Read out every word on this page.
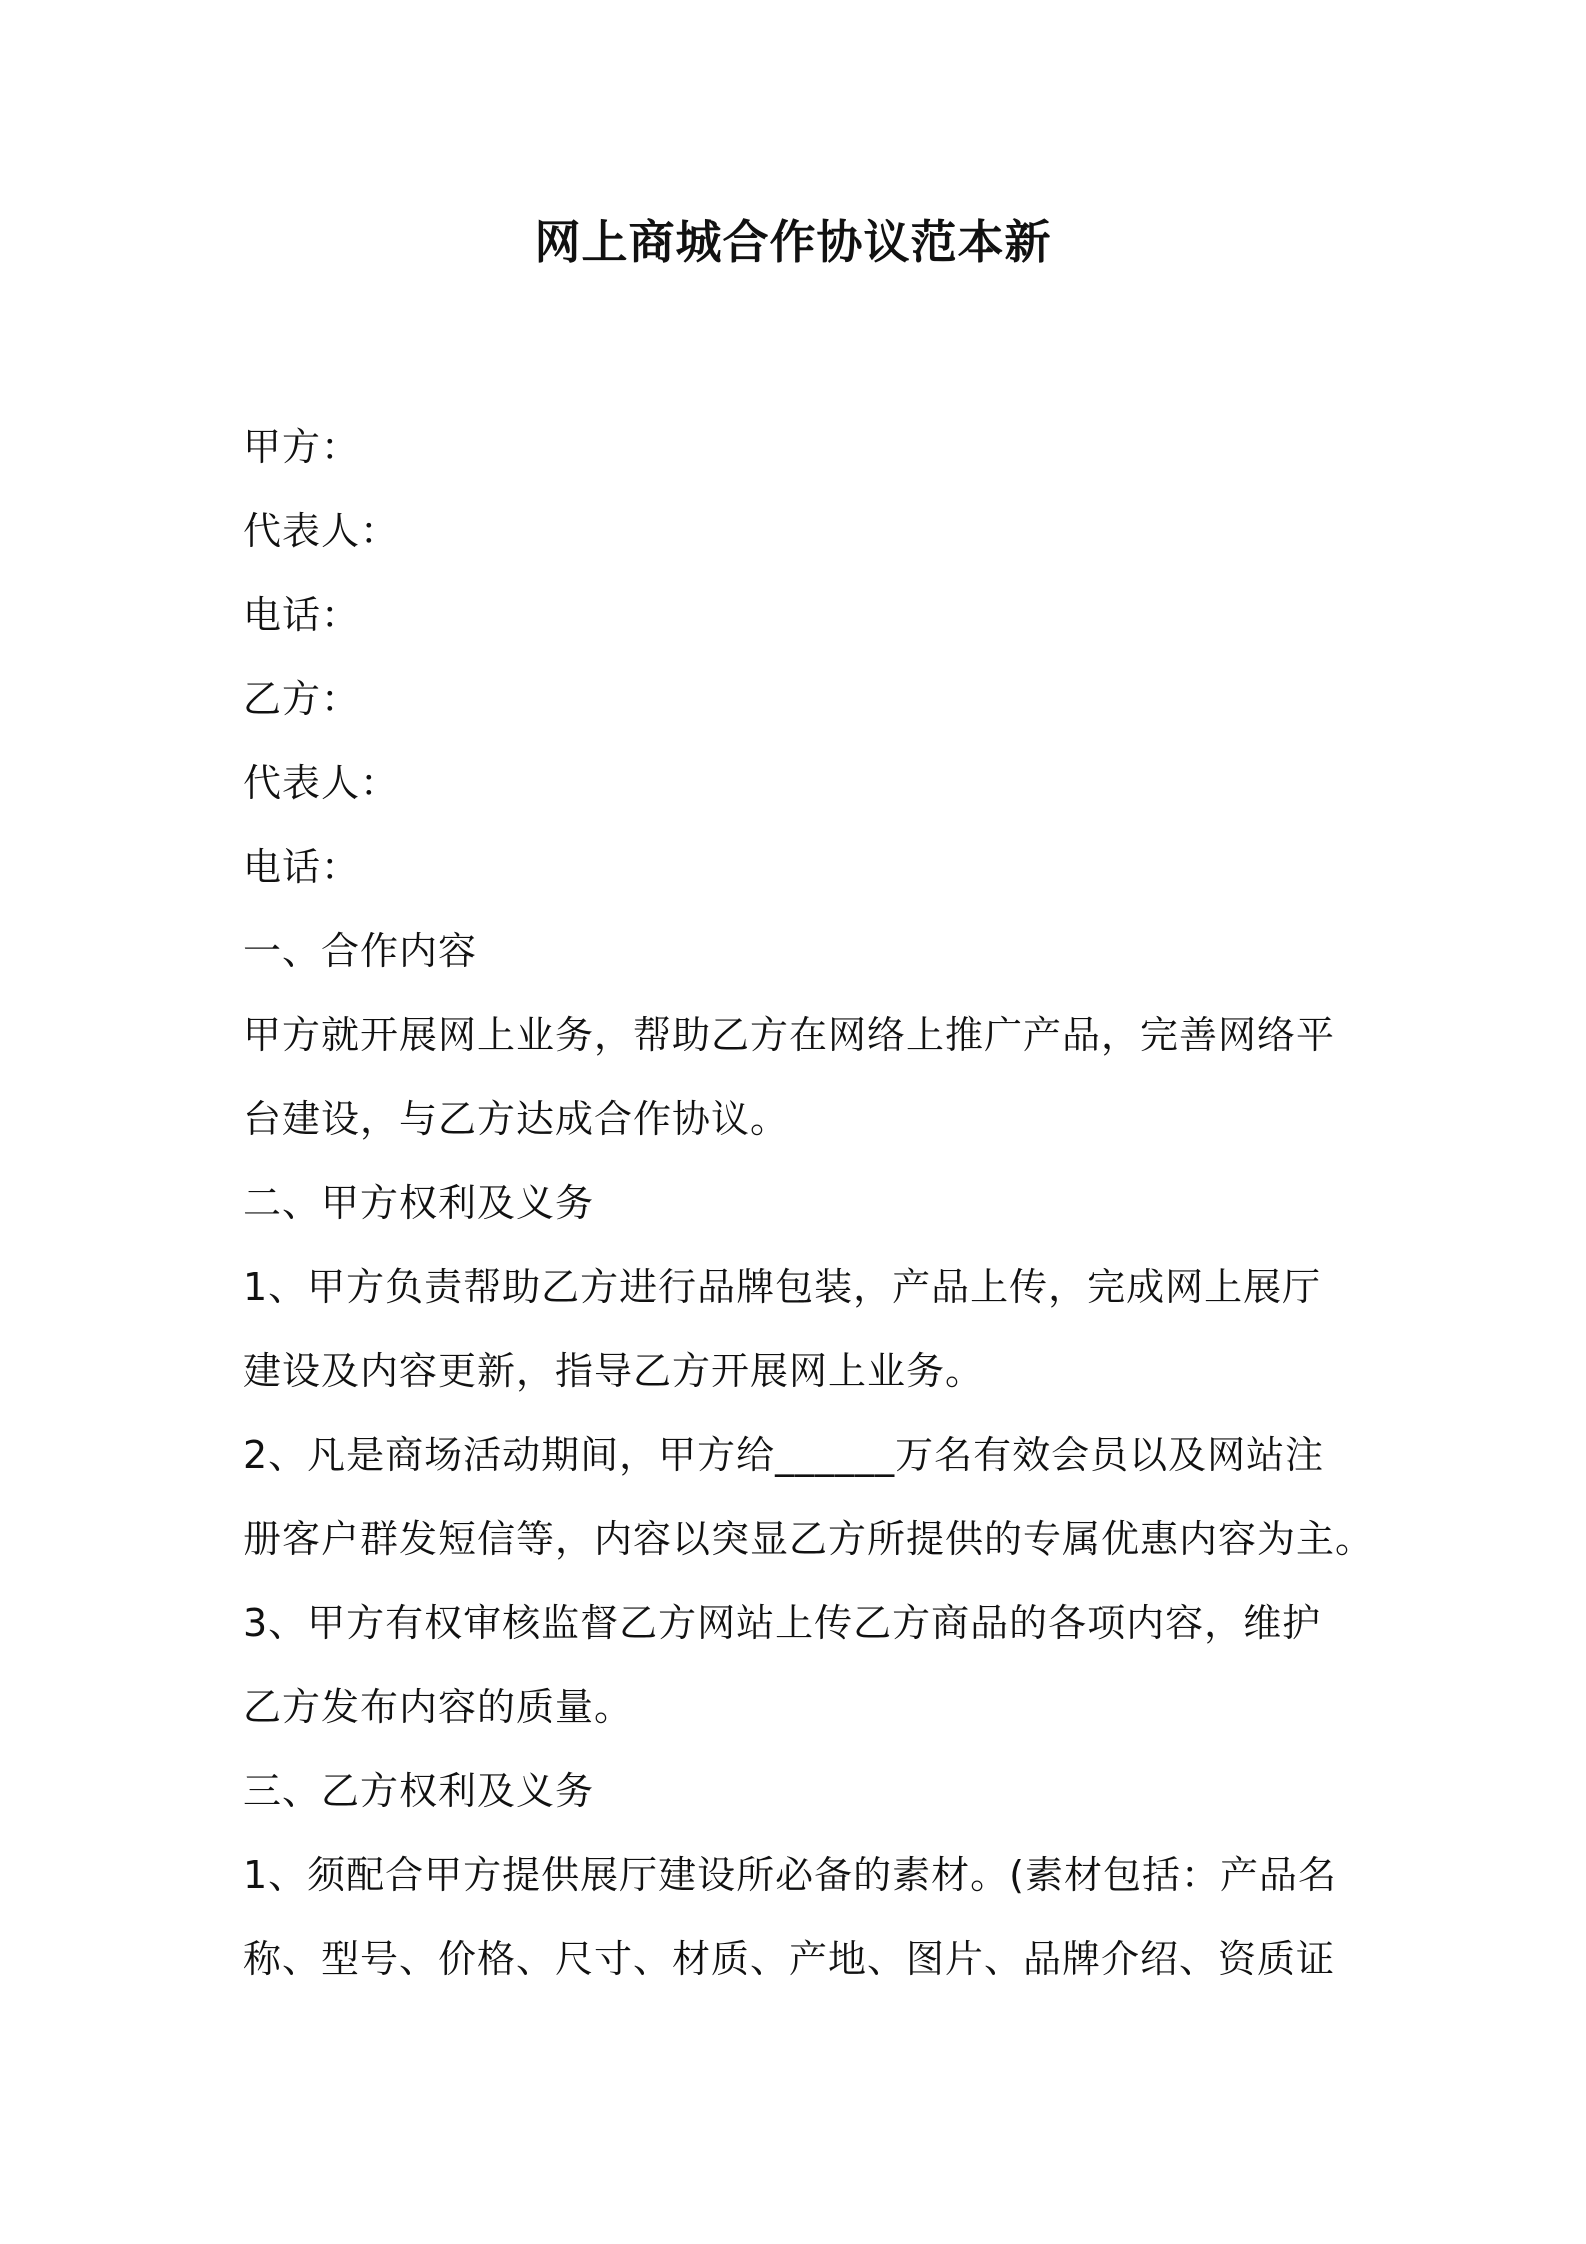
网上商城合作协议范本新
甲方：
代表人：
电话：
乙方：
代表人：
电话：
一、合作内容
甲方就开展网上业务，帮助乙方在网络上推广产品，完善网络平
台建设，与乙方达成合作协议。
二、甲方权利及义务
1、甲方负责帮助乙方进行品牌包装，产品上传，完成网上展厅
建设及内容更新，指导乙方开展网上业务。
2、凡是商场活动期间，甲方给______万名有效会员以及网站注
册客户群发短信等，内容以突显乙方所提供的专属优惠内容为主。
3、甲方有权审核监督乙方网站上传乙方商品的各项内容，维护
乙方发布内容的质量。
三、乙方权利及义务
1、须配合甲方提供展厅建设所必备的素材。(素材包括：产品名
称、型号、价格、尺寸、材质、产地、图片、品牌介绍、资质证
